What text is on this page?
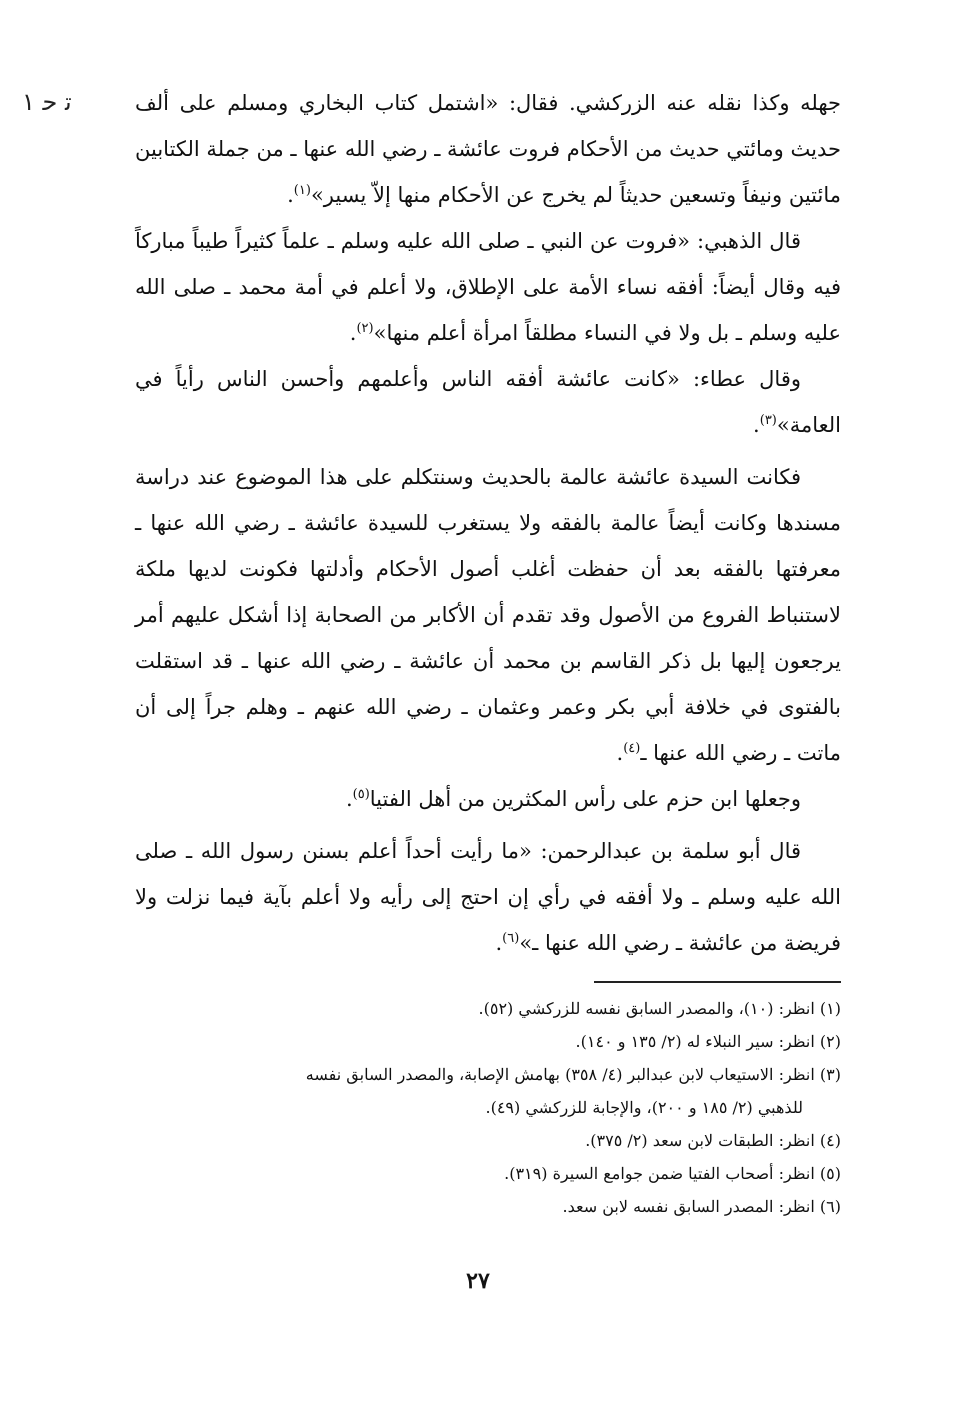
ﺗ ﺣ ١	جهله وكذا نقله عنه الزركشي. فقال: «اشتمل كتاب البخاري ومسلم على ألف حديث ومائتي حديث من الأحكام فروت عائشة ـ رضي الله عنها ـ من جملة الكتابين مائتين ونيفاً وتسعين حديثاً لم يخرج عن الأحكام منها إلاّ يسير»$^{(١)}$.

قال الذهبي: «فروت عن النبي ـ صلى الله عليه وسلم ـ علماً كثيراً طيباً مباركاً فيه وقال أيضاً: أفقه نساء الأمة على الإطلاق، ولا أعلم في أمة محمد ـ صلى الله عليه وسلم ـ بل ولا في النساء مطلقاً امرأة أعلم منها»$^{(٢)}$.

وقال عطاء: «كانت عائشة أفقه الناس وأعلمهم وأحسن الناس رأياً في العامة»$^{(٣)}$.

فكانت السيدة عائشة عالمة بالحديث وسنتكلم على هذا الموضوع عند دراسة مسندها وكانت أيضاً عالمة بالفقه ولا يستغرب للسيدة عائشة ـ رضي الله عنها ـ معرفتها بالفقه بعد أن حفظت أغلب أصول الأحكام وأدلتها فكونت لديها ملكة لاستنباط الفروع من الأصول وقد تقدم أن الأكابر من الصحابة إذا أشكل عليهم أمر يرجعون إليها بل ذكر القاسم بن محمد أن عائشة ـ رضي الله عنها ـ قد استقلت بالفتوى في خلافة أبي بكر وعمر وعثمان ـ رضي الله عنهم ـ وهلم جراً إلى أن ماتت ـ رضي الله عنها ـ$^{(٤)}$.

وجعلها ابن حزم على رأس المكثرين من أهل الفتيا$^{(٥)}$.

قال أبو سلمة بن عبدالرحمن: «ما رأيت أحداً أعلم بسنن رسول الله ـ صلى الله عليه وسلم ـ ولا أفقه في رأي إن احتج إلى رأيه ولا أعلم بآية فيما نزلت ولا فريضة من عائشة ـ رضي الله عنها ـ»$^{(٦)}$.

(١) انظر: (١٠)، والمصدر السابق نفسه للزركشي (٥٢).

(٢) انظر: سير النبلاء له (٢/ ١٣٥ و ١٤٠).

(٣) انظر: الاستيعاب لابن عبدالبر (٤/ ٣٥٨) بهامش الإصابة، والمصدر السابق نفسه
للذهبي (٢/ ١٨٥ و ٢٠٠)، والإجابة للزركشي (٤٩).

(٤) انظر: الطبقات لابن سعد (٢/ ٣٧٥).

(٥) انظر: أصحاب الفتيا ضمن جوامع السيرة (٣١٩).

(٦) انظر: المصدر السابق نفسه لابن سعد.

٢٧
